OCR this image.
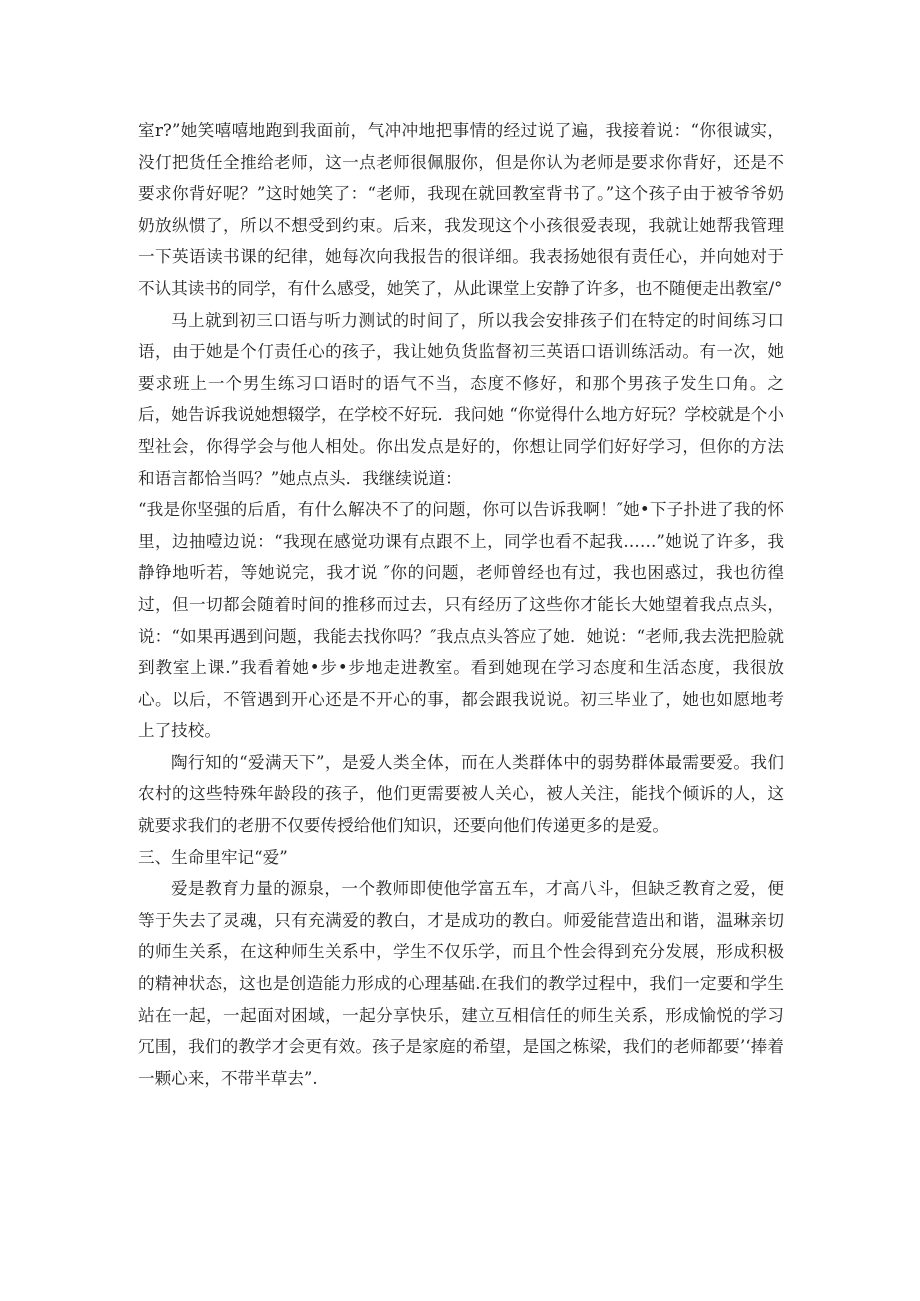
室r?”她笑嘻嘻地跑到我面前，气冲冲地把事情的经过说了遍，我接着说：“你很诚实，没仃把货任全推给老师，这一点老师很佩服你，但是你认为老师是要求你背好，还是不要求你背好呢？”这时她笑了：“老师，我现在就回教室背书了。”这个孩子由于被爷爷奶奶放纵惯了，所以不想受到约束。后来，我发现这个小孩很爱表现，我就让她帮我管理一下英语读书课的纪律，她每次向我报告的很详细。我表扬她很有责任心，并向她对于不认其读书的同学，有什么感受，她笑了，从此课堂上安静了许多，也不随便走出教室/°

马上就到初三口语与听力测试的时间了，所以我会安排孩子们在特定的时间练习口语，由于她是个仃责任心的孩子，我让她负货监督初三英语口语训练活动。有一次，她要求班上一个男生练习口语时的语气不当，态度不修好，和那个男孩子发生口角。之后，她告诉我说她想辍学，在学校不好玩．我问她 “你觉得什么地方好玩？学校就是个小型社会，你得学会与他人相处。你出发点是好的，你想让同学们好好学习，但你的方法和语言都恰当吗？”她点点头．我继续说道：

“我是你坚强的后盾，有什么解决不了的问题，你可以告诉我啊！″她•下子扑进了我的怀里，边抽噎边说：“我现在感觉功课有点跟不上，同学也看不起我……”她说了许多，我静铮地听若，等她说完，我才说 ″你的问题，老师曾经也有过，我也困惑过，我也彷徨过，但一切都会随着时间的推移而过去，只有经历了这些你才能长大她望着我点点头，说：“如果再遇到问题，我能去找你吗？″我点点头答应了她．她说：“老师,我去洗把脸就到教室上课.”我看着她•步•步地走进教室。看到她现在学习态度和生活态度，我很放心。以后，不管遇到开心还是不开心的事，都会跟我说说。初三毕业了，她也如愿地考上了技校。

陶行知的“爱满天下”，是爱人类全体，而在人类群体中的弱势群体最需要爱。我们农村的这些特殊年龄段的孩子，他们更需要被人关心，被人关注，能找个倾诉的人，这就要求我们的老册不仅要传授给他们知识，还要向他们传递更多的是爱。

三、生命里牢记“爱”

爱是教育力量的源泉，一个教师即使他学富五车，才高八斗，但缺乏教育之爱，便等于失去了灵魂，只有充满爱的教白，才是成功的教白。师爱能营造出和谐，温琳亲切的师生关系，在这种师生关系中，学生不仅乐学，而且个性会得到充分发展，形成积极的精神状态，这也是创造能力形成的心理基础.在我们的教学过程中，我们一定要和学生站在一起，一起面对困域，一起分享快乐，建立互相信任的师生关系，形成愉悦的学习冗围，我们的教学才会更有效。孩子是家庭的希望，是国之栋梁，我们的老师都要’‘捧着一颗心来，不带半草去”.
